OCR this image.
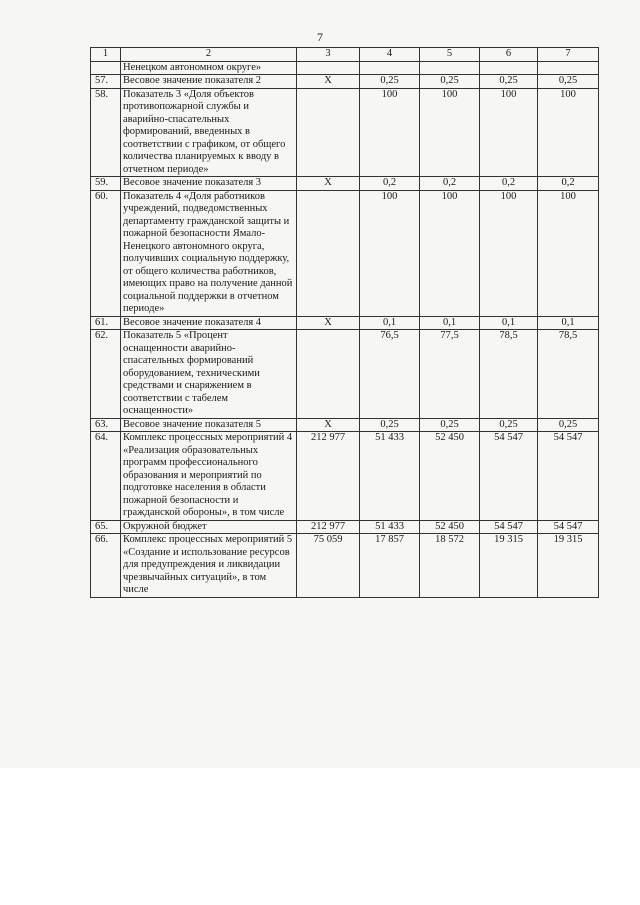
7
1	2	3	4	5	6	7
	Ненецком автономном округе»					
57.	Весовое значение показателя 2	Х	0,25	0,25	0,25	0,25
58.	Показатель 3 «Доля объектов противопожарной службы и аварийно-спасательных формирований, введенных в соответствии с графиком, от общего количества планируемых к вводу в отчетном периоде»		100	100	100	100
59.	Весовое значение показателя 3	Х	0,2	0,2	0,2	0,2
60.	Показатель 4 «Доля работников учреждений, подведомственных департаменту гражданской защиты и пожарной безопасности Ямало-Ненецкого автономного округа, получивших социальную поддержку, от общего количества работников, имеющих право на получение данной социальной поддержки в отчетном периоде»		100	100	100	100
61.	Весовое значение показателя 4	Х	0,1	0,1	0,1	0,1
62.	Показатель 5 «Процент оснащенности аварийно-спасательных формирований оборудованием, техническими средствами и снаряжением в соответствии с табелем оснащенности»		76,5	77,5	78,5	78,5
63.	Весовое значение показателя 5	Х	0,25	0,25	0,25	0,25
64.	Комплекс процессных мероприятий 4 «Реализация образовательных программ профессионального образования и мероприятий по подготовке населения в области пожарной безопасности и гражданской обороны», в том числе	212 977	51 433	52 450	54 547	54 547
65.	Окружной бюджет	212 977	51 433	52 450	54 547	54 547
66.	Комплекс процессных мероприятий 5 «Создание и использование ресурсов для предупреждения и ликвидации чрезвычайных ситуаций», в том числе	75 059	17 857	18 572	19 315	19 315
